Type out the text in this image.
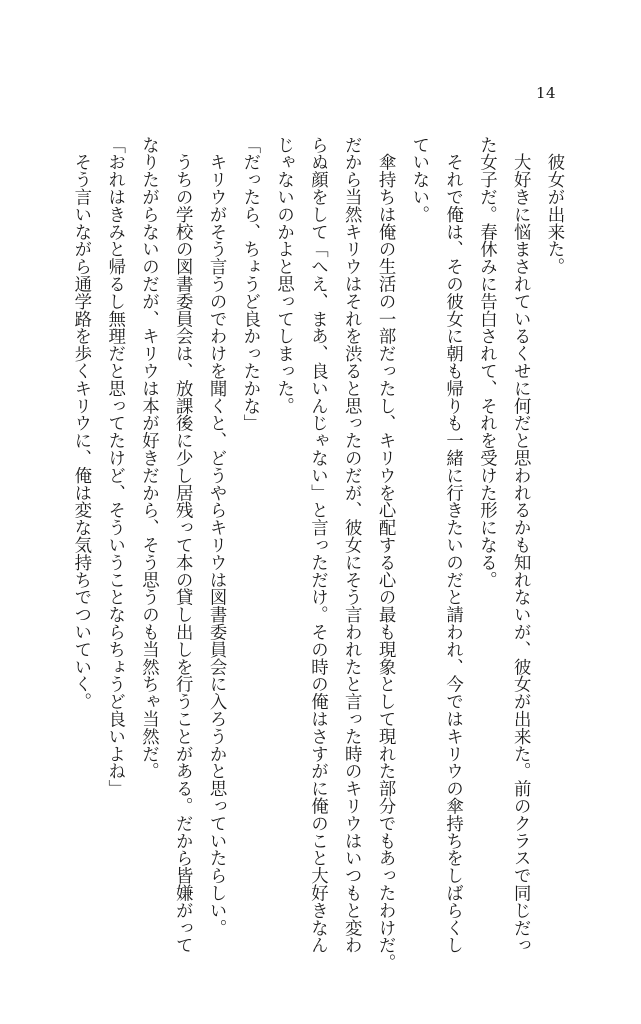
14
　彼女が出来た。
　大好きに悩まされているくせに何だと思われるかも知れないが、彼女が出来た。前のクラスで同じだっ
た女子だ。春休みに告白されて、それを受けた形になる。
　それで俺は、その彼女に朝も帰りも一緒に行きたいのだと請われ、今ではキリウの傘持ちをしばらくし
ていない。
　傘持ちは俺の生活の一部だったし、キリウを心配する心の最も現象として現れた部分でもあったわけだ。
だから当然キリウはそれを渋ると思ったのだが、彼女にそう言われたと言った時のキリウはいつもと変わ
らぬ顔をして「へえ、まあ、良いんじゃない」と言っただけ。その時の俺はさすがに俺のこと大好きなん
じゃないのかよと思ってしまった。
「だったら、ちょうど良かったかな」
　キリウがそう言うのでわけを聞くと、どうやらキリウは図書委員会に入ろうかと思っていたらしい。
　うちの学校の図書委員会は、放課後に少し居残って本の貸し出しを行うことがある。だから皆嫌がって
なりたがらないのだが、キリウは本が好きだから、そう思うのも当然ちゃ当然だ。
「おれはきみと帰るし無理だと思ってたけど、そういうことならちょうど良いよね」
　そう言いながら通学路を歩くキリウに、俺は変な気持ちでついていく。
